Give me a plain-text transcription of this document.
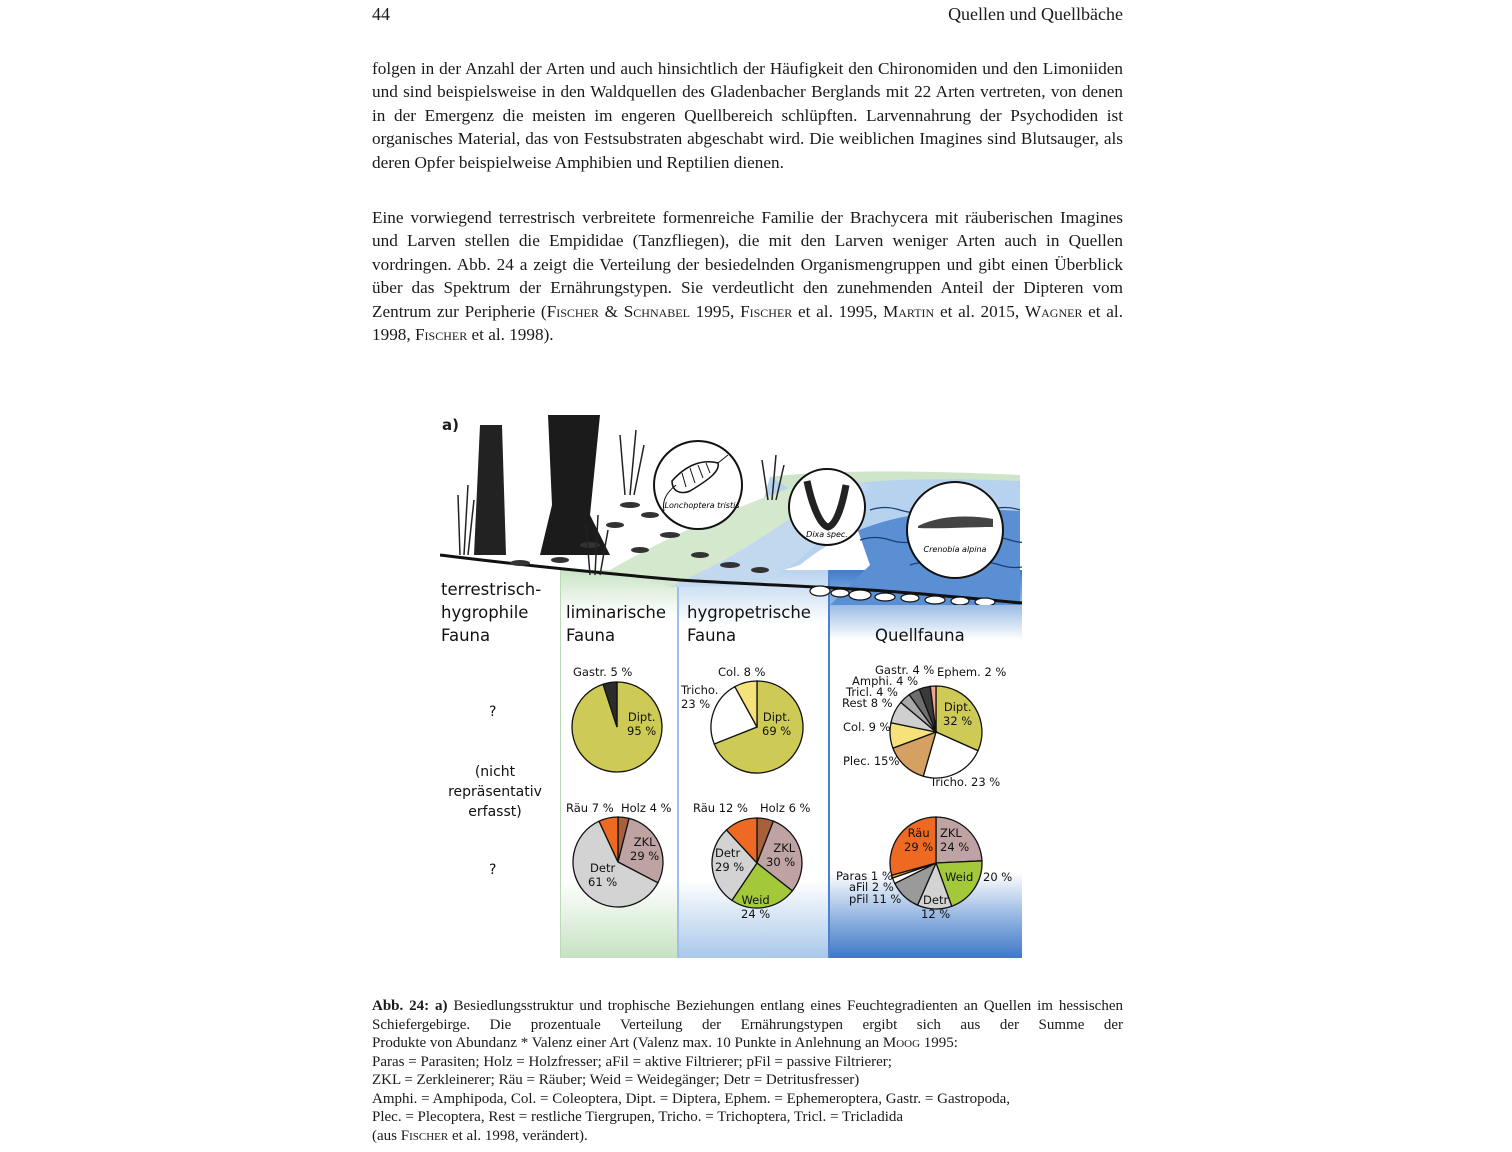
44	Quellen und Quellbäche

folgen in der Anzahl der Arten und auch hinsichtlich der Häufigkeit den Chironomiden und den Limoniiden und sind beispielsweise in den Waldquellen des Gladenbacher Berglands mit 22 Arten vertreten, von denen in der Emergenz die meisten im engeren Quellbereich schlüpften. Larvennahrung der Psychodiden ist organisches Material, das von Festsubstraten abgeschabt wird. Die weiblichen Imagines sind Blutsauger, als deren Opfer beispielweise Amphibien und Reptilien dienen.

Eine vorwiegend terrestrisch verbreitete formenreiche Familie der Brachycera mit räuberischen Imagines und Larven stellen die Empididae (Tanzfliegen), die mit den Larven weniger Arten auch in Quellen vordringen. Abb. 24 a zeigt die Verteilung der besiedelnden Organismengruppen und gibt einen Überblick über das Spektrum der Ernährungstypen. Sie verdeutlicht den zunehmenden Anteil der Dipteren vom Zentrum zur Peripherie (Fischer & Schnabel 1995, Fischer et al. 1995, Martin et al. 2015, Wagner et al. 1998, Fischer et al. 1998).

Lonchoptera tristis
Dixa spec.
Crenobia alpina
a)
terrestrisch-
hygrophile
Fauna
liminarische
Fauna
hygropetrische
Fauna	Quellfauna
?
(nicht
repräsentativ
erfasst)
?
Gastr. 5 %
Dipt.
95 %
Col. 8 %
Tricho.
23 %
Dipt.
69 %
Gastr. 4 % Ephem. 2 %
Amphi. 4 %
Tricl. 4 %
Rest 8 %
Col. 9 %
Plec. 15%
Tricho. 23 %
Dipt.
32 %
Räu 7 % Holz 4 %
ZKL
29 %
Detr
61 %
Räu 12 % Holz 6 %
ZKL
30 %
Detr
29 %
Weid
24 %
Räu
29 %
ZKL
24 %
Weid 20 %
Paras 1 %
aFil 2 %
pFil 11 % Detr
12 %
Abb. 24: a) Besiedlungsstruktur und trophische Beziehungen entlang eines Feuchtegradienten an Quellen im hessischen Schiefergebirge. Die prozentuale Verteilung der Ernährungstypen ergibt sich aus der Summe der
Produkte von Abundanz * Valenz einer Art (Valenz max. 10 Punkte in Anlehnung an Moog 1995:
Paras = Parasiten; Holz = Holzfresser; aFil = aktive Filtrierer; pFil = passive Filtrierer;
ZKL = Zerkleinerer; Räu = Räuber; Weid = Weidegänger; Detr = Detritusfresser)
Amphi. = Amphipoda, Col. = Coleoptera, Dipt. = Diptera, Ephem. = Ephemeroptera, Gastr. = Gastropoda,
Plec. = Plecoptera, Rest = restliche Tiergrupen, Tricho. = Trichoptera, Tricl. = Tricladida
(aus Fischer et al. 1998, verändert).
